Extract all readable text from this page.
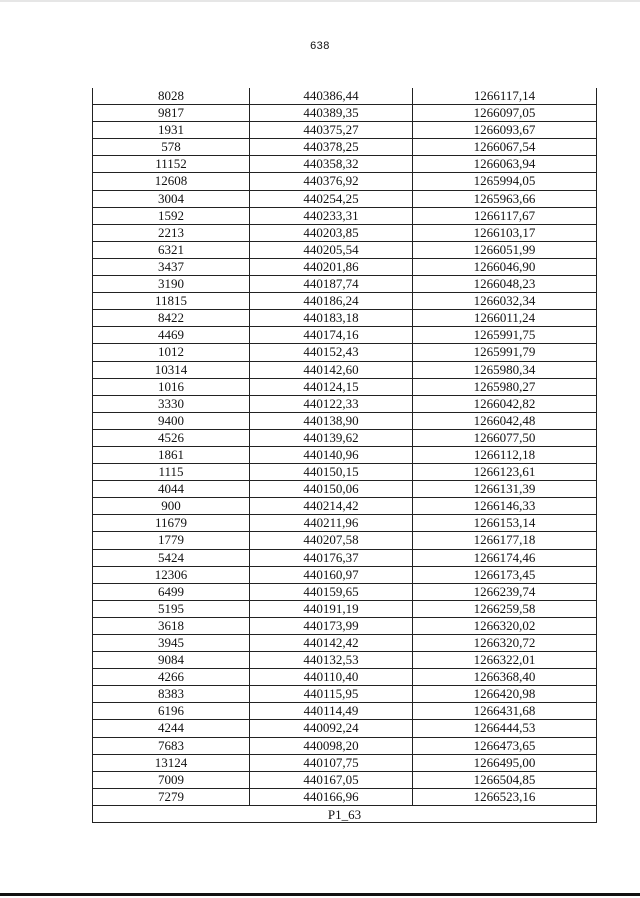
638
8028	440386,44	1266117,14
9817	440389,35	1266097,05
1931	440375,27	1266093,67
578	440378,25	1266067,54
11152	440358,32	1266063,94
12608	440376,92	1265994,05
3004	440254,25	1265963,66
1592	440233,31	1266117,67
2213	440203,85	1266103,17
6321	440205,54	1266051,99
3437	440201,86	1266046,90
3190	440187,74	1266048,23
11815	440186,24	1266032,34
8422	440183,18	1266011,24
4469	440174,16	1265991,75
1012	440152,43	1265991,79
10314	440142,60	1265980,34
1016	440124,15	1265980,27
3330	440122,33	1266042,82
9400	440138,90	1266042,48
4526	440139,62	1266077,50
1861	440140,96	1266112,18
1115	440150,15	1266123,61
4044	440150,06	1266131,39
900	440214,42	1266146,33
11679	440211,96	1266153,14
1779	440207,58	1266177,18
5424	440176,37	1266174,46
12306	440160,97	1266173,45
6499	440159,65	1266239,74
5195	440191,19	1266259,58
3618	440173,99	1266320,02
3945	440142,42	1266320,72
9084	440132,53	1266322,01
4266	440110,40	1266368,40
8383	440115,95	1266420,98
6196	440114,49	1266431,68
4244	440092,24	1266444,53
7683	440098,20	1266473,65
13124	440107,75	1266495,00
7009	440167,05	1266504,85
7279	440166,96	1266523,16
P1_63
